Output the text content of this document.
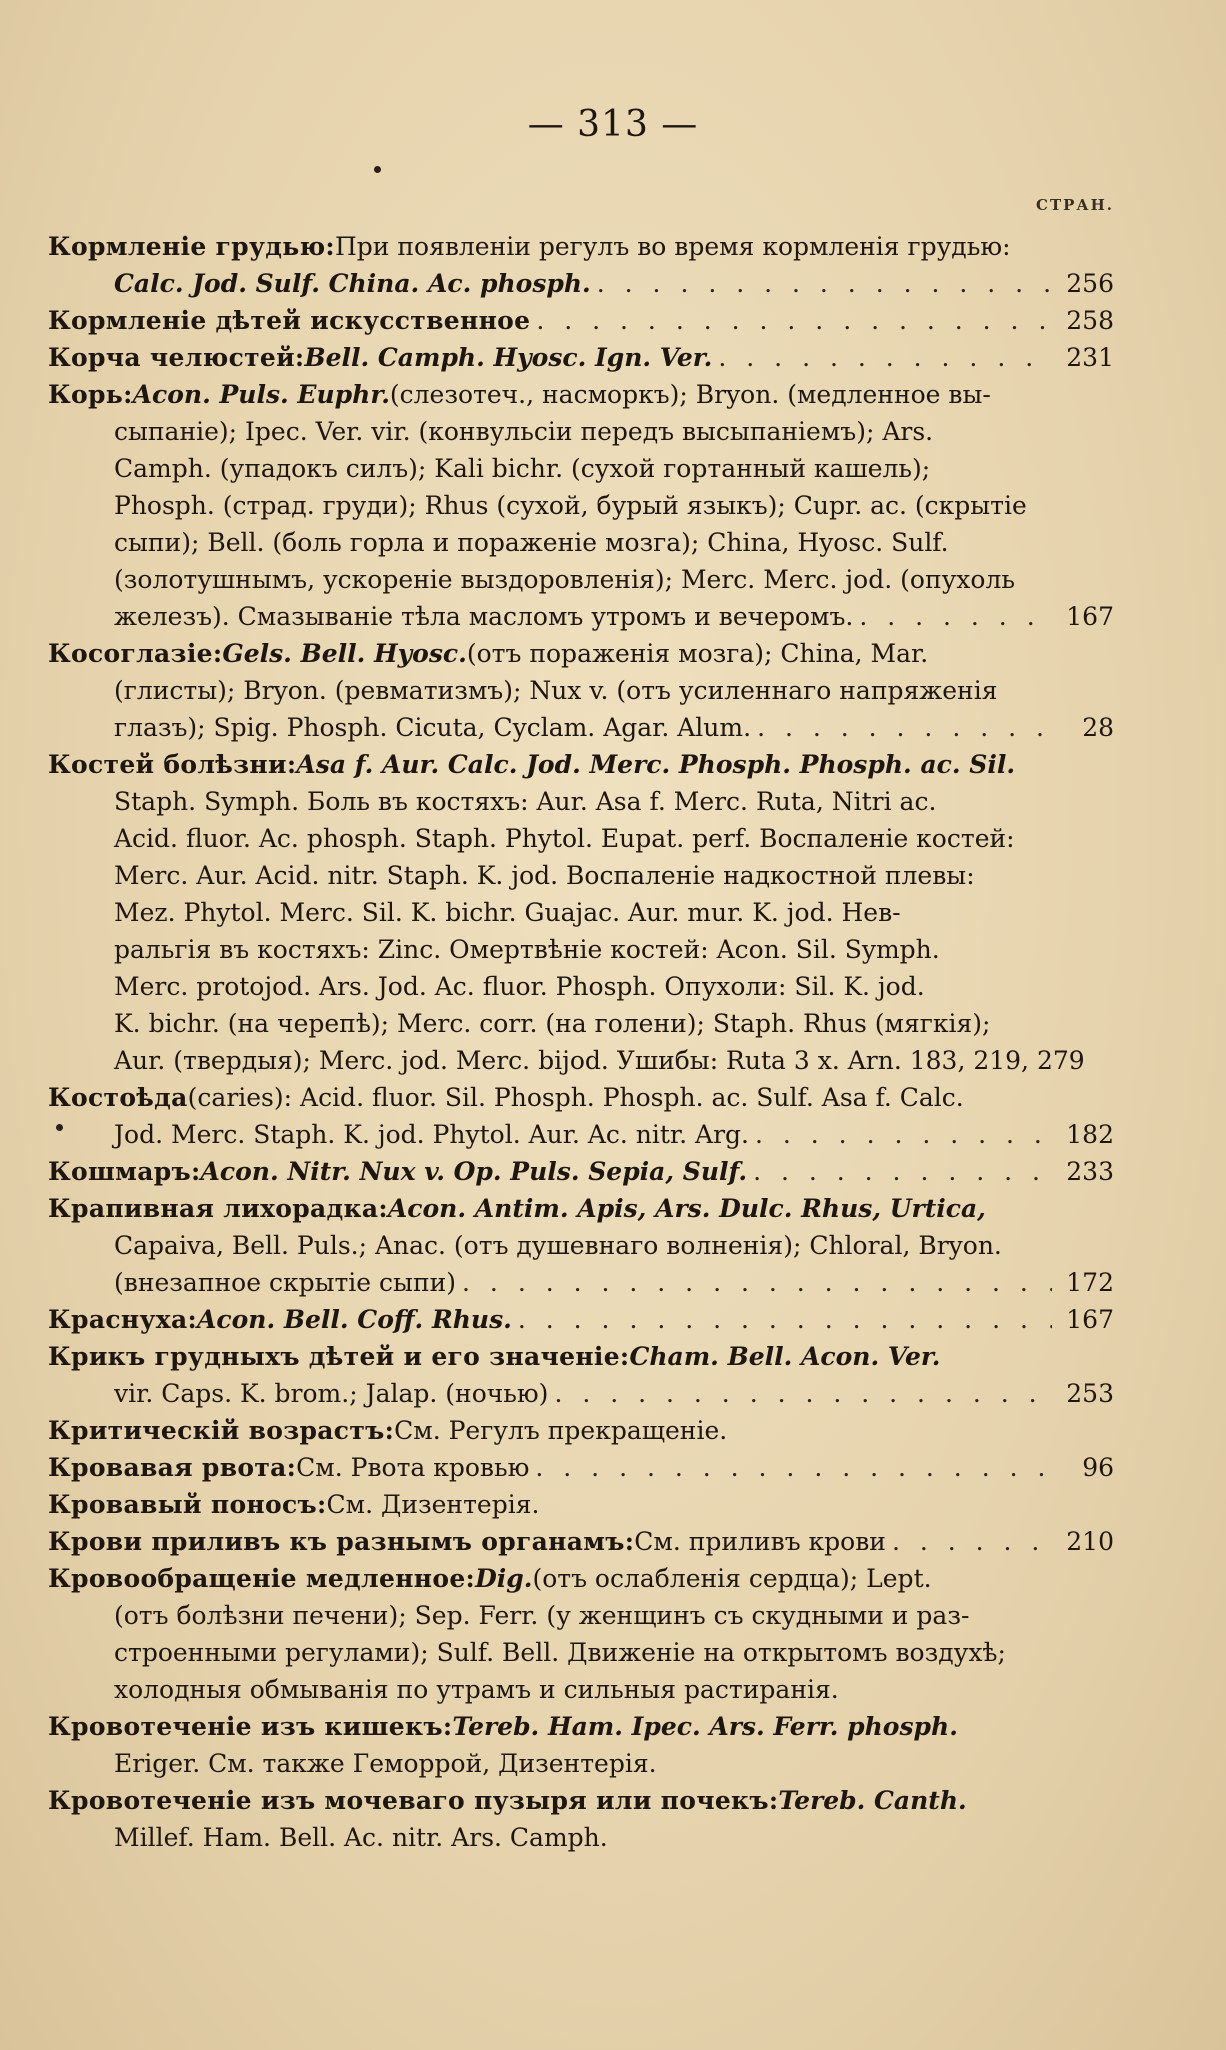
— 313 —
СТРАН.
Кормленіе грудью: При появленіи регулъ во время кормленія грудью:
Calc. Jod. Sulf. China. Ac. phosph. . . .	256
Кормленіе дѣтей искусственное . . .	258
Корча челюстей: Bell. Camph. Hyosc. Ign. Ver. . . .	231
Корь: Acon. Puls. Euphr. (слезотеч., насморкъ); Bryon. (медленное вы-
сыпаніе); Ipec. Ver. vir. (конвульсіи передъ высыпаніемъ); Ars.
Camph. (упадокъ силъ); Kali bichr. (сухой гортанный кашель);
Phosph. (страд. груди); Rhus (сухой, бурый языкъ); Cupr. ac. (скрытіе
сыпи); Bell. (боль горла и пораженіе мозга); China, Hyosc. Sulf.
(золотушнымъ, ускореніе выздоровленія); Merc. Merc. jod. (опухоль
железъ). Смазываніе тѣла масломъ утромъ и вечеромъ. . . .	167
Косоглазіе: Gels. Bell. Hyosc. (отъ пораженія мозга); China, Mar.
(глисты); Bryon. (ревматизмъ); Nux v. (отъ усиленнаго напряженія
глазъ); Spig. Phosph. Cicuta, Cyclam. Agar. Alum. . . .	28
Костей болѣзни: Asa f. Aur. Calc. Jod. Merc. Phosph. Phosph. ac. Sil.
Staph. Symph. Боль въ костяхъ: Aur. Asa f. Merc. Ruta, Nitri ac.
Acid. fluor. Ac. phosph. Staph. Phytol. Eupat. perf. Воспаленіе костей:
Merc. Aur. Acid. nitr. Staph. K. jod. Воспаленіе надкостной плевы:
Mez. Phytol. Merc. Sil. K. bichr. Guajac. Aur. mur. K. jod. Нев-
ральгія въ костяхъ: Zinc. Омертвѣніе костей: Acon. Sil. Symph.
Merc. protojod. Ars. Jod. Ac. fluor. Phosph. Опухоли: Sil. K. jod.
K. bichr. (на черепѣ); Merc. corr. (на голени); Staph. Rhus (мягкія);
Aur. (твердыя); Merc. jod. Merc. bijod. Ушибы: Ruta 3 x. Arn. 183, 219, 279
Костоѣда (caries): Acid. fluor. Sil. Phosph. Phosph. ac. Sulf. Asa f. Calc.
Jod. Merc. Staph. K. jod. Phytol. Aur. Ac. nitr. Arg. . . .	182
Кошмаръ: Acon. Nitr. Nux v. Op. Puls. Sepia, Sulf. . . .	233
Крапивная лихорадка: Acon. Antim. Apis, Ars. Dulc. Rhus, Urtica,
Capaiva, Bell. Puls.; Anac. (отъ душевнаго волненія); Chloral, Bryon.
(внезапное скрытіе сыпи) . . .	172
Краснуха: Acon. Bell. Coff. Rhus. . . .	167
Крикъ грудныхъ дѣтей и его значеніе: Cham. Bell. Acon. Ver.
vir. Caps. K. brom.; Jalap. (ночью) . . .	253
Критическій возрастъ: См. Регулъ прекращеніе.
Кровавая рвота: См. Рвота кровью . . .	96
Кровавый поносъ: См. Дизентерія.
Крови приливъ къ разнымъ органамъ: См. приливъ крови . . .	210
Кровообращеніе медленное: Dig. (отъ ослабленія сердца); Lept.
(отъ болѣзни печени); Sep. Ferr. (у женщинъ съ скудными и раз-
строенными регулами); Sulf. Bell. Движеніе на открытомъ воздухѣ;
холодныя обмыванія по утрамъ и сильныя растиранія.
Кровотеченіе изъ кишекъ: Tereb. Ham. Ipec. Ars. Ferr. phosph.
Eriger. См. также Геморрой, Дизентерія.
Кровотеченіе изъ мочеваго пузыря или почекъ: Tereb. Canth.
Millef. Ham. Bell. Ac. nitr. Ars. Camph.
